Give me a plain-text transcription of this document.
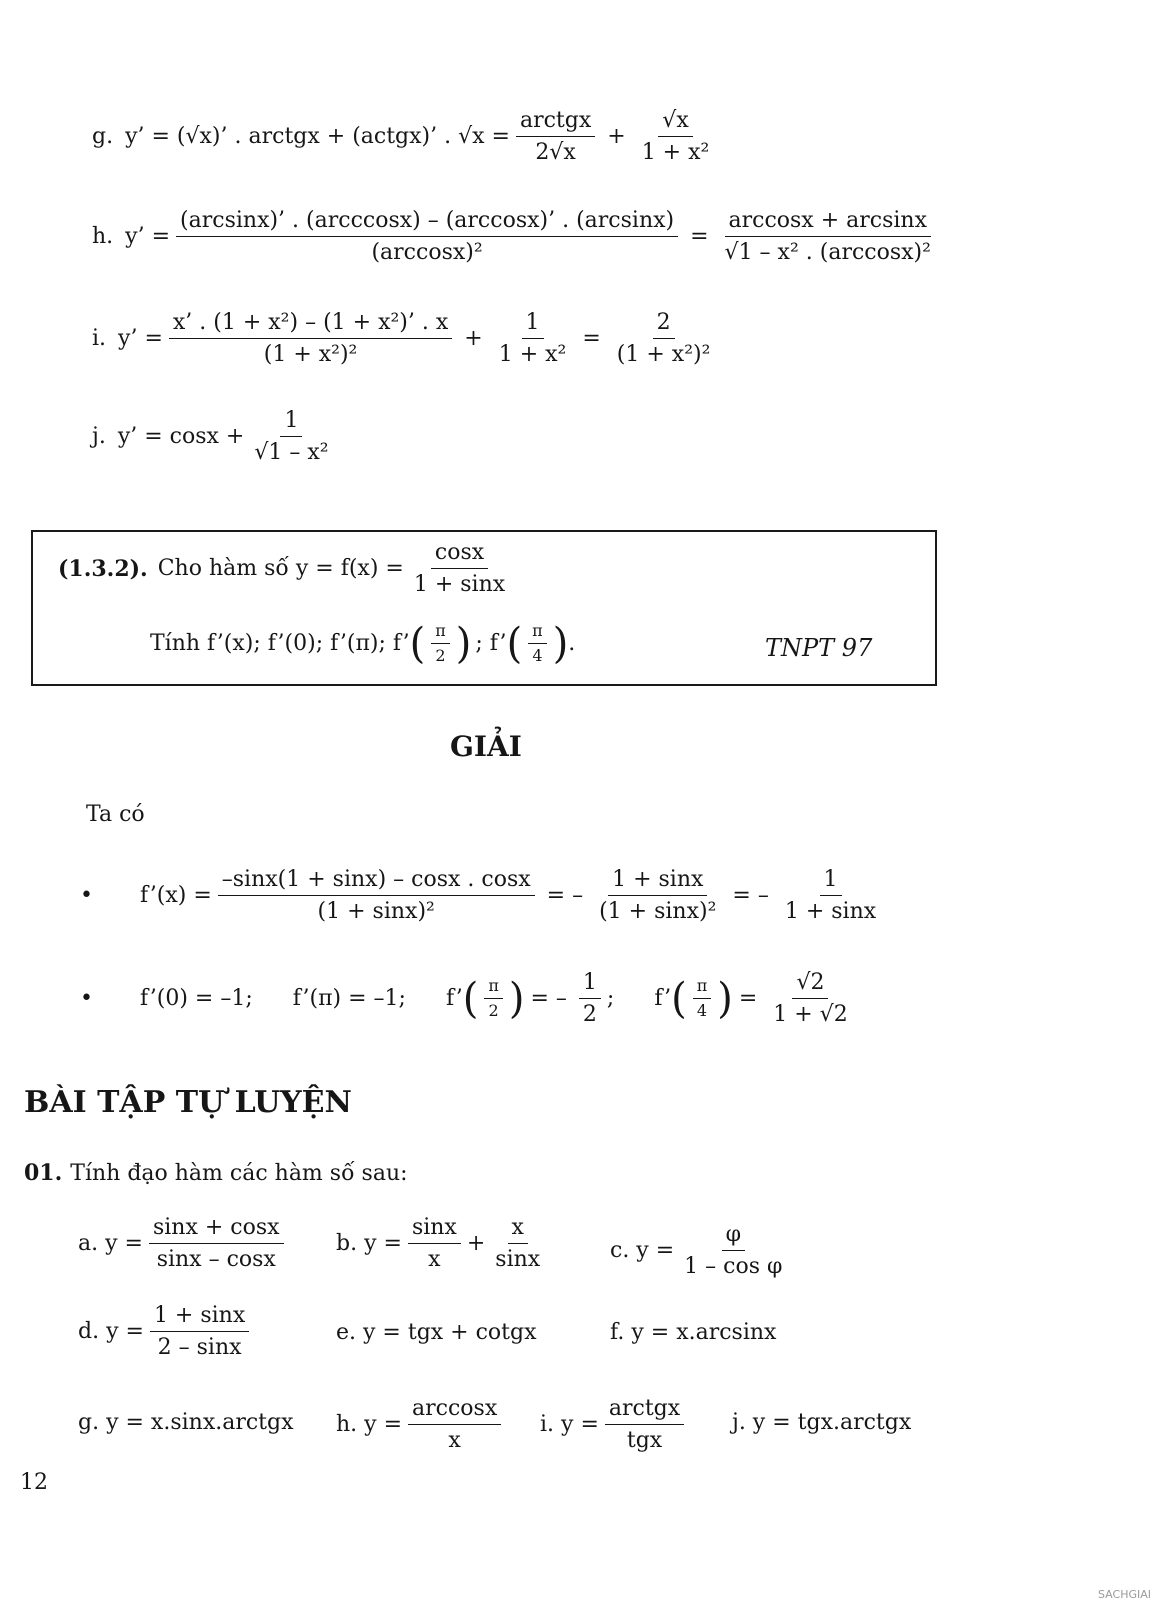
g. y’ = (√x)’ . arctgx + (actgx)’ . $√x = \frac{\text{arctgx}}{2√x} + \frac{√x}{\text{1 + x²}}$
h. y’ = $\frac{\text{(arcsinx)’ . (arcccosx) – (arccosx)’ . (arcsinx)}}{\text{(arccosx)²}} = \frac{\arccos x + \arcsin x}{\text{√1 – x² . (arccosx)²}}$
i. y’ = $\frac{\text{x’ . (1 + x²) – (1 + x²)’ . x}}{\text{(1 + x²)²}} + \frac{1}{\text{1 + x²}} = \frac{2}{\text{(1 + x²)²}}$
j. y’ = $\cos x + \frac{1}{\text{√1 – x²}}$
(1.3.2). Cho hàm số $y = f(x) = \frac{\cos x}{1 + \sin x}$
Tính f’(x); f’(0); f’(π); f’ ( $\frac{\pi}{2}$ ) ; f’ ( $\frac{\pi}{4}$ ) .	TNPT 97
GIẢI
Ta có
•	f’(x) = $\frac{-\sin x(1 + \sin x) - \cos x . \cos x}{\text{(1 + sinx)²}}$ = – $\frac{1 + \sin x}{\text{(1 + sinx)²}}$ = – $\frac{1}{1 + \sin x}$
•	f’(0) = –1; f’(π) = –1; f’ ( $\frac{\pi}{2}$ ) = – $\frac{1}{2}$ ; f’ ( $\frac{\pi}{4}$ ) = $\frac{√2}{1 + √2}$
BÀI TẬP TỰ LUYỆN
01. Tính đạo hàm các hàm số sau:
a. $y = \frac{\sin x + \cos x}{\sin x - \cos x} b$. $y = \frac{\sin x}{x} + \frac{x}{\sin x}$	c. $y = \frac{\varphi}{\text{1 – cos φ}}$
d. $y = \frac{1 + \sin x}{2 - \sin x}$	e. y = tgx + cotgx	f. y = x.arcsinx
g. y = x.sinx.arctgx h. $y = \frac{\arccos x}{x} i$. $y = \frac{\text{arctgx}}{\text{tgx}} j$. y = tgx.arctgx
12
SACHGIAI
